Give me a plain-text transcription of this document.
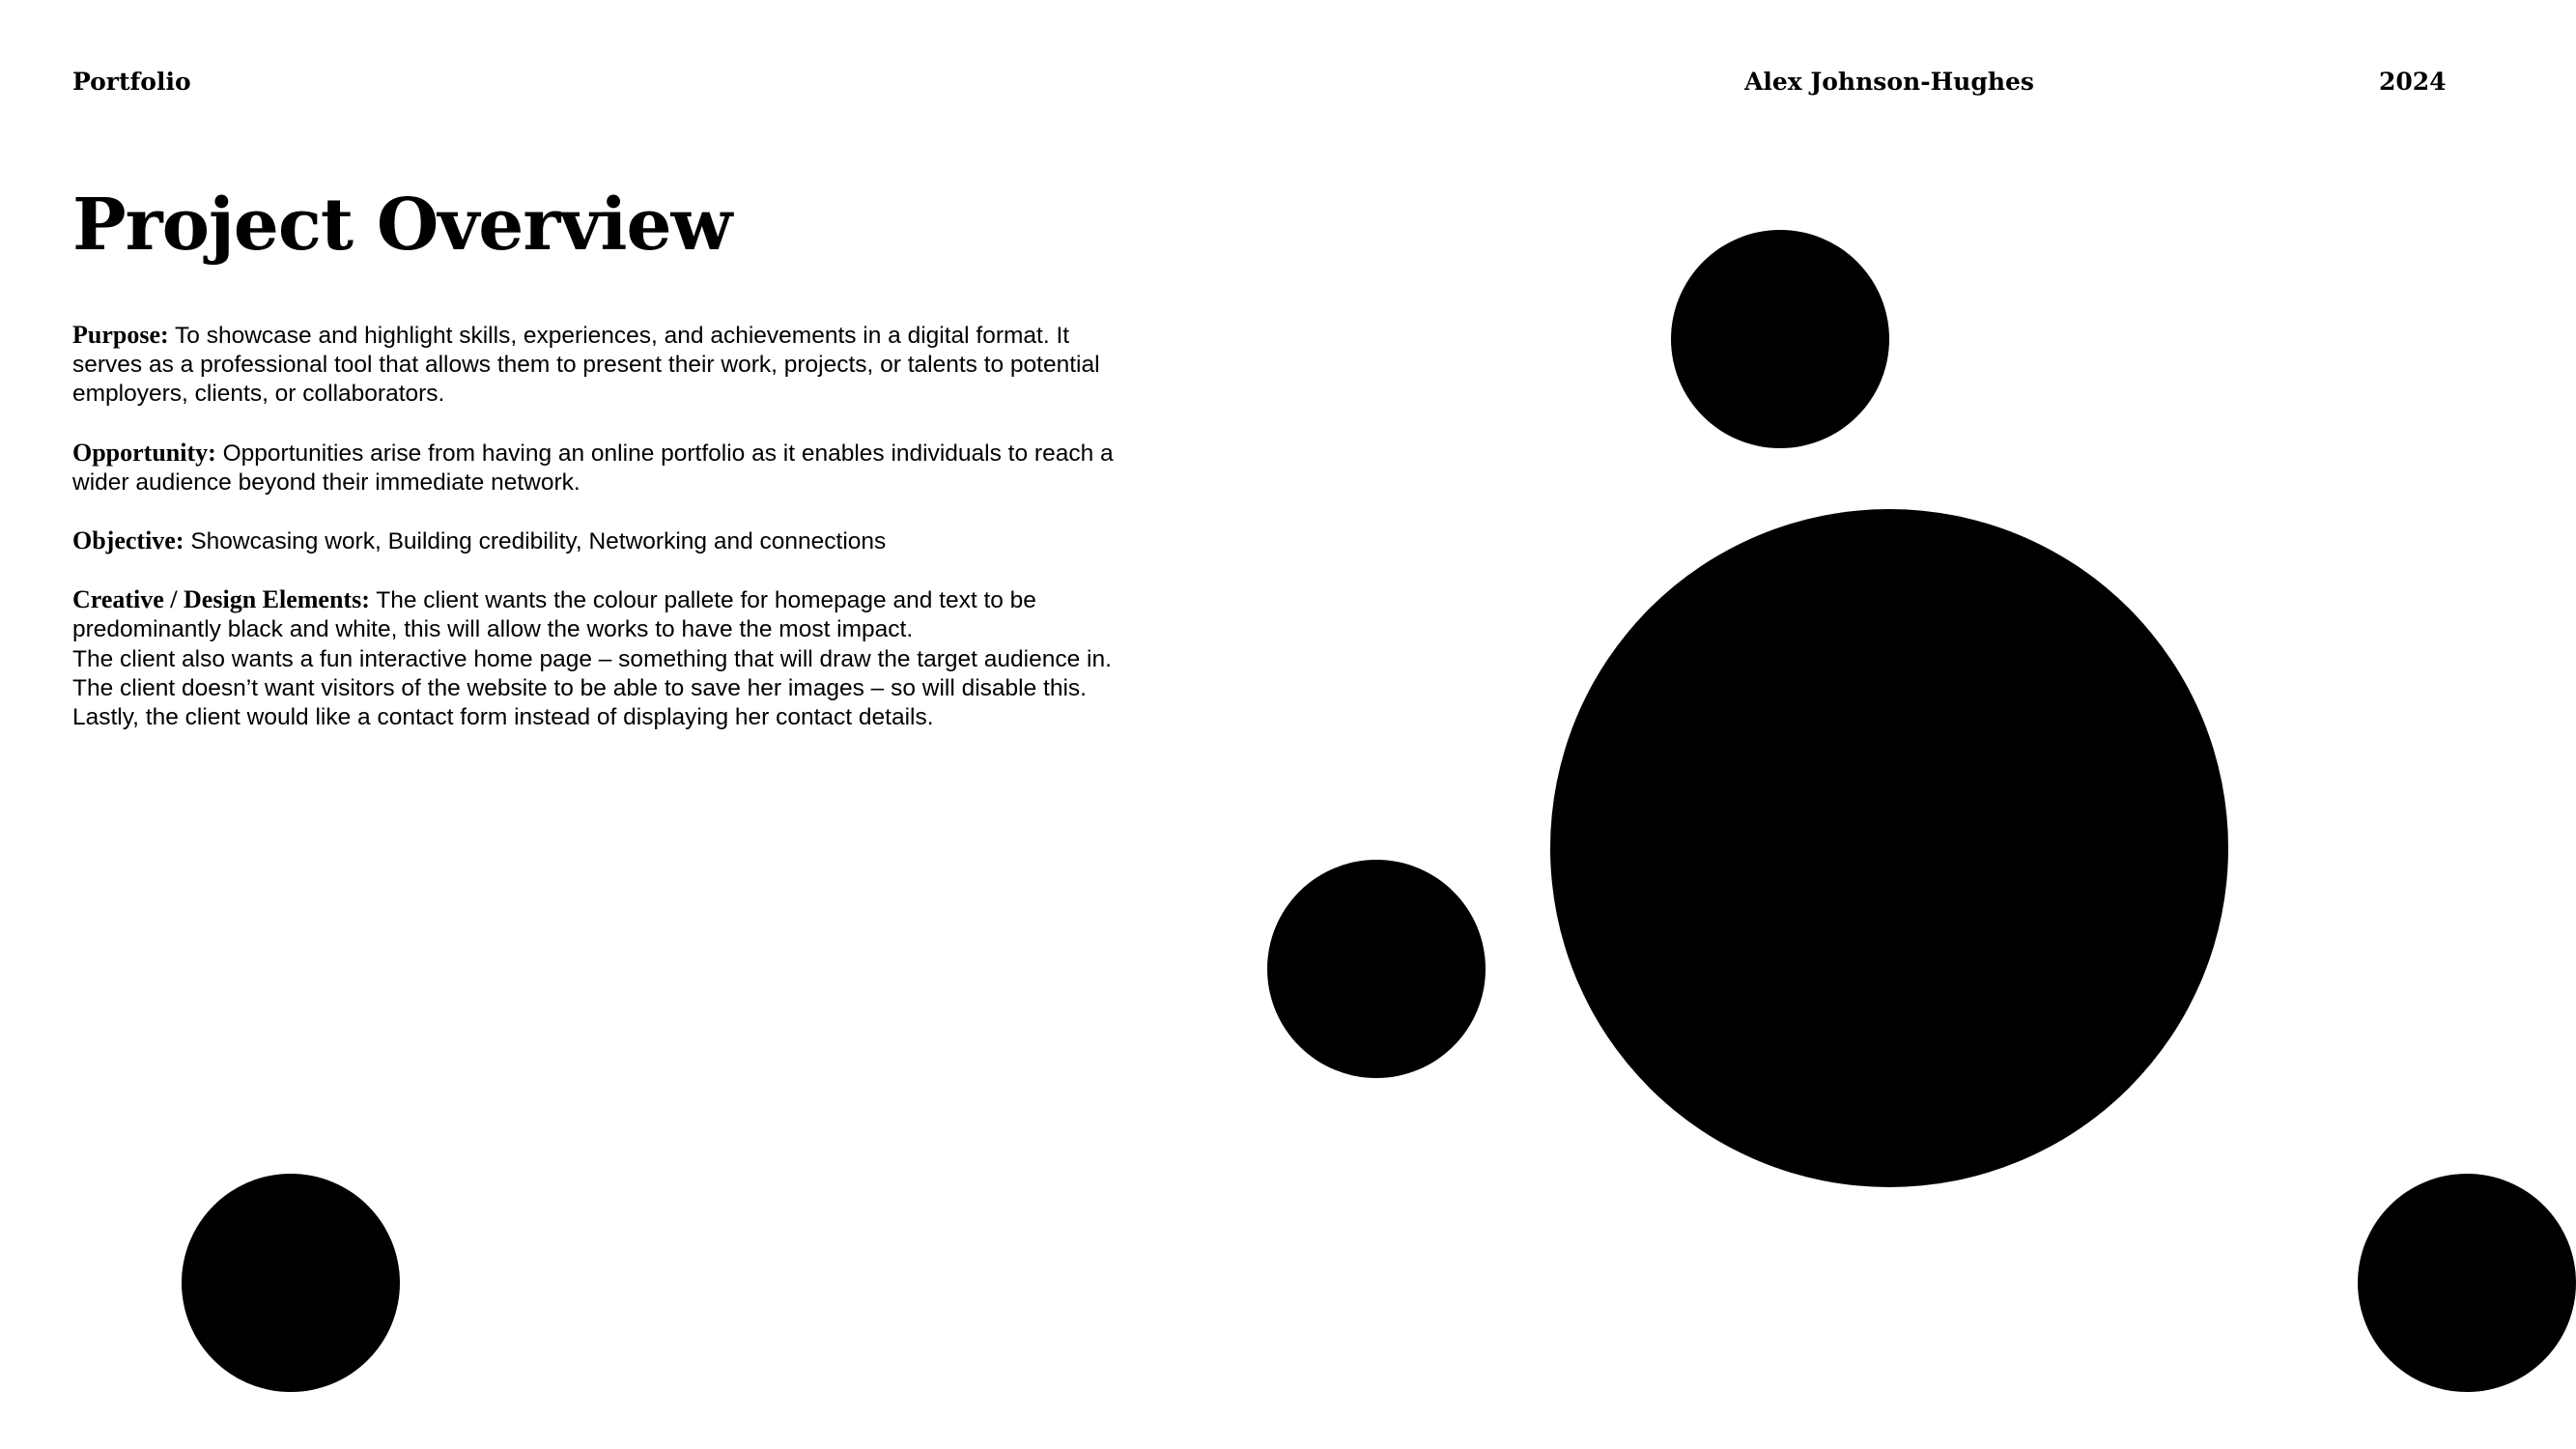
Portfolio	Alex Johnson-Hughes	2024
Project Overview

Purpose: To showcase and highlight skills, experiences, and achievements in a digital format. It
serves as a professional tool that allows them to present their work, projects, or talents to potential
employers, clients, or collaborators.

Opportunity: Opportunities arise from having an online portfolio as it enables individuals to reach a
wider audience beyond their immediate network.

Objective: Showcasing work, Building credibility, Networking and connections

Creative / Design Elements: The client wants the colour pallete for homepage and text to be
predominantly black and white, this will allow the works to have the most impact.
The client also wants a fun interactive home page – something that will draw the target audience in.
The client doesn’t want visitors of the website to be able to save her images – so will disable this.
Lastly, the client would like a contact form instead of displaying her contact details.
